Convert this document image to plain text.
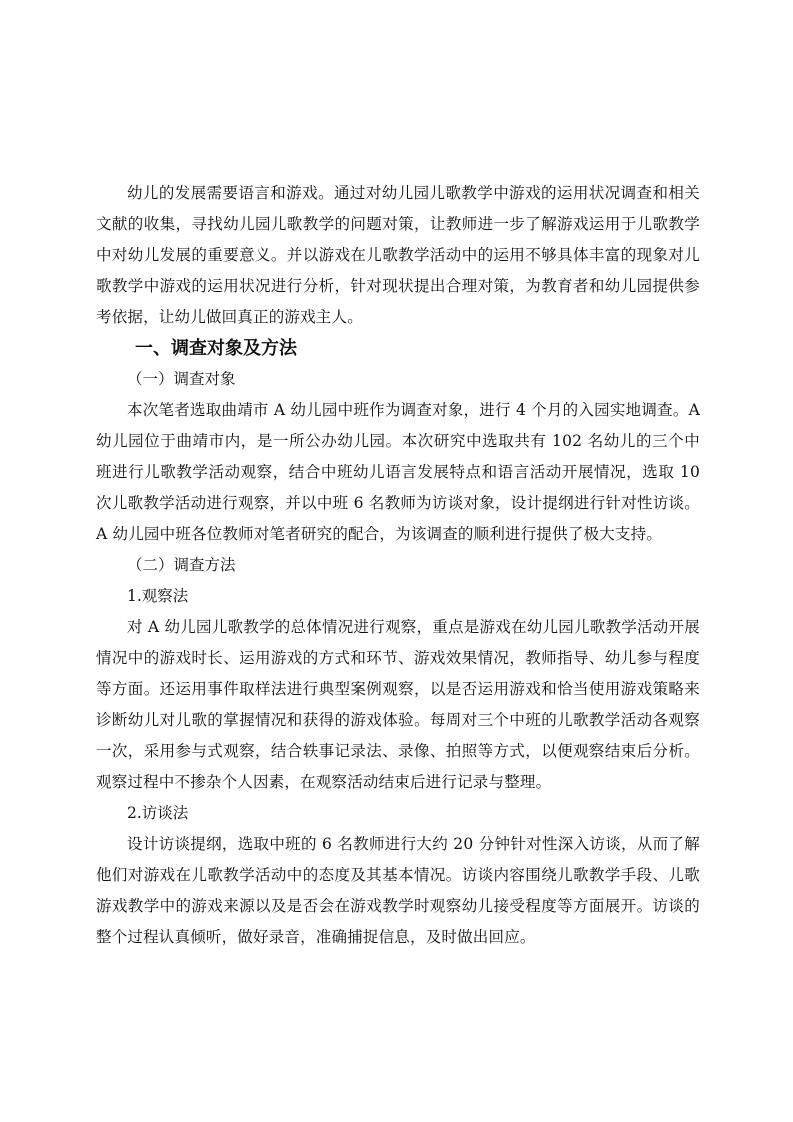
幼儿的发展需要语言和游戏。通过对幼儿园儿歌教学中游戏的运用状况调查和相关文献的收集，寻找幼儿园儿歌教学的问题对策，让教师进一步了解游戏运用于儿歌教学中对幼儿发展的重要意义。并以游戏在儿歌教学活动中的运用不够具体丰富的现象对儿歌教学中游戏的运用状况进行分析，针对现状提出合理对策，为教育者和幼儿园提供参考依据，让幼儿做回真正的游戏主人。

一、调查对象及方法

（一）调查对象

本次笔者选取曲靖市 A 幼儿园中班作为调查对象，进行 4 个月的入园实地调查。A 幼儿园位于曲靖市内，是一所公办幼儿园。本次研究中选取共有 102 名幼儿的三个中班进行儿歌教学活动观察，结合中班幼儿语言发展特点和语言活动开展情况，选取 10 次儿歌教学活动进行观察，并以中班 6 名教师为访谈对象，设计提纲进行针对性访谈。A 幼儿园中班各位教师对笔者研究的配合，为该调查的顺利进行提供了极大支持。

（二）调查方法

1.观察法

对 A 幼儿园儿歌教学的总体情况进行观察，重点是游戏在幼儿园儿歌教学活动开展情况中的游戏时长、运用游戏的方式和环节、游戏效果情况，教师指导、幼儿参与程度等方面。还运用事件取样法进行典型案例观察，以是否运用游戏和恰当使用游戏策略来诊断幼儿对儿歌的掌握情况和获得的游戏体验。每周对三个中班的儿歌教学活动各观察一次，采用参与式观察，结合轶事记录法、录像、拍照等方式，以便观察结束后分析。观察过程中不掺杂个人因素，在观察活动结束后进行记录与整理。

2.访谈法

设计访谈提纲，选取中班的 6 名教师进行大约 20 分钟针对性深入访谈，从而了解他们对游戏在儿歌教学活动中的态度及其基本情况。访谈内容围绕儿歌教学手段、儿歌游戏教学中的游戏来源以及是否会在游戏教学时观察幼儿接受程度等方面展开。访谈的整个过程认真倾听，做好录音，准确捕捉信息，及时做出回应。
